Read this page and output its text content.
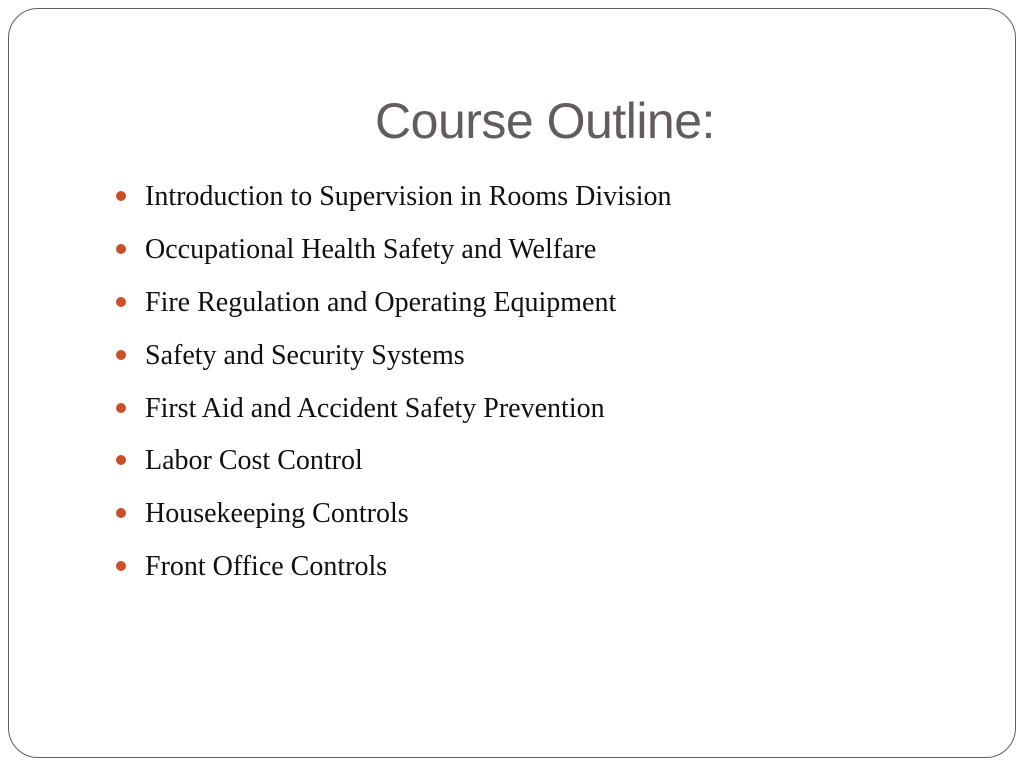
Course Outline:
Introduction to Supervision in Rooms Division
Occupational Health Safety and Welfare
Fire Regulation and Operating Equipment
Safety and Security Systems
First Aid and Accident Safety Prevention
Labor Cost Control
Housekeeping Controls
Front Office Controls
